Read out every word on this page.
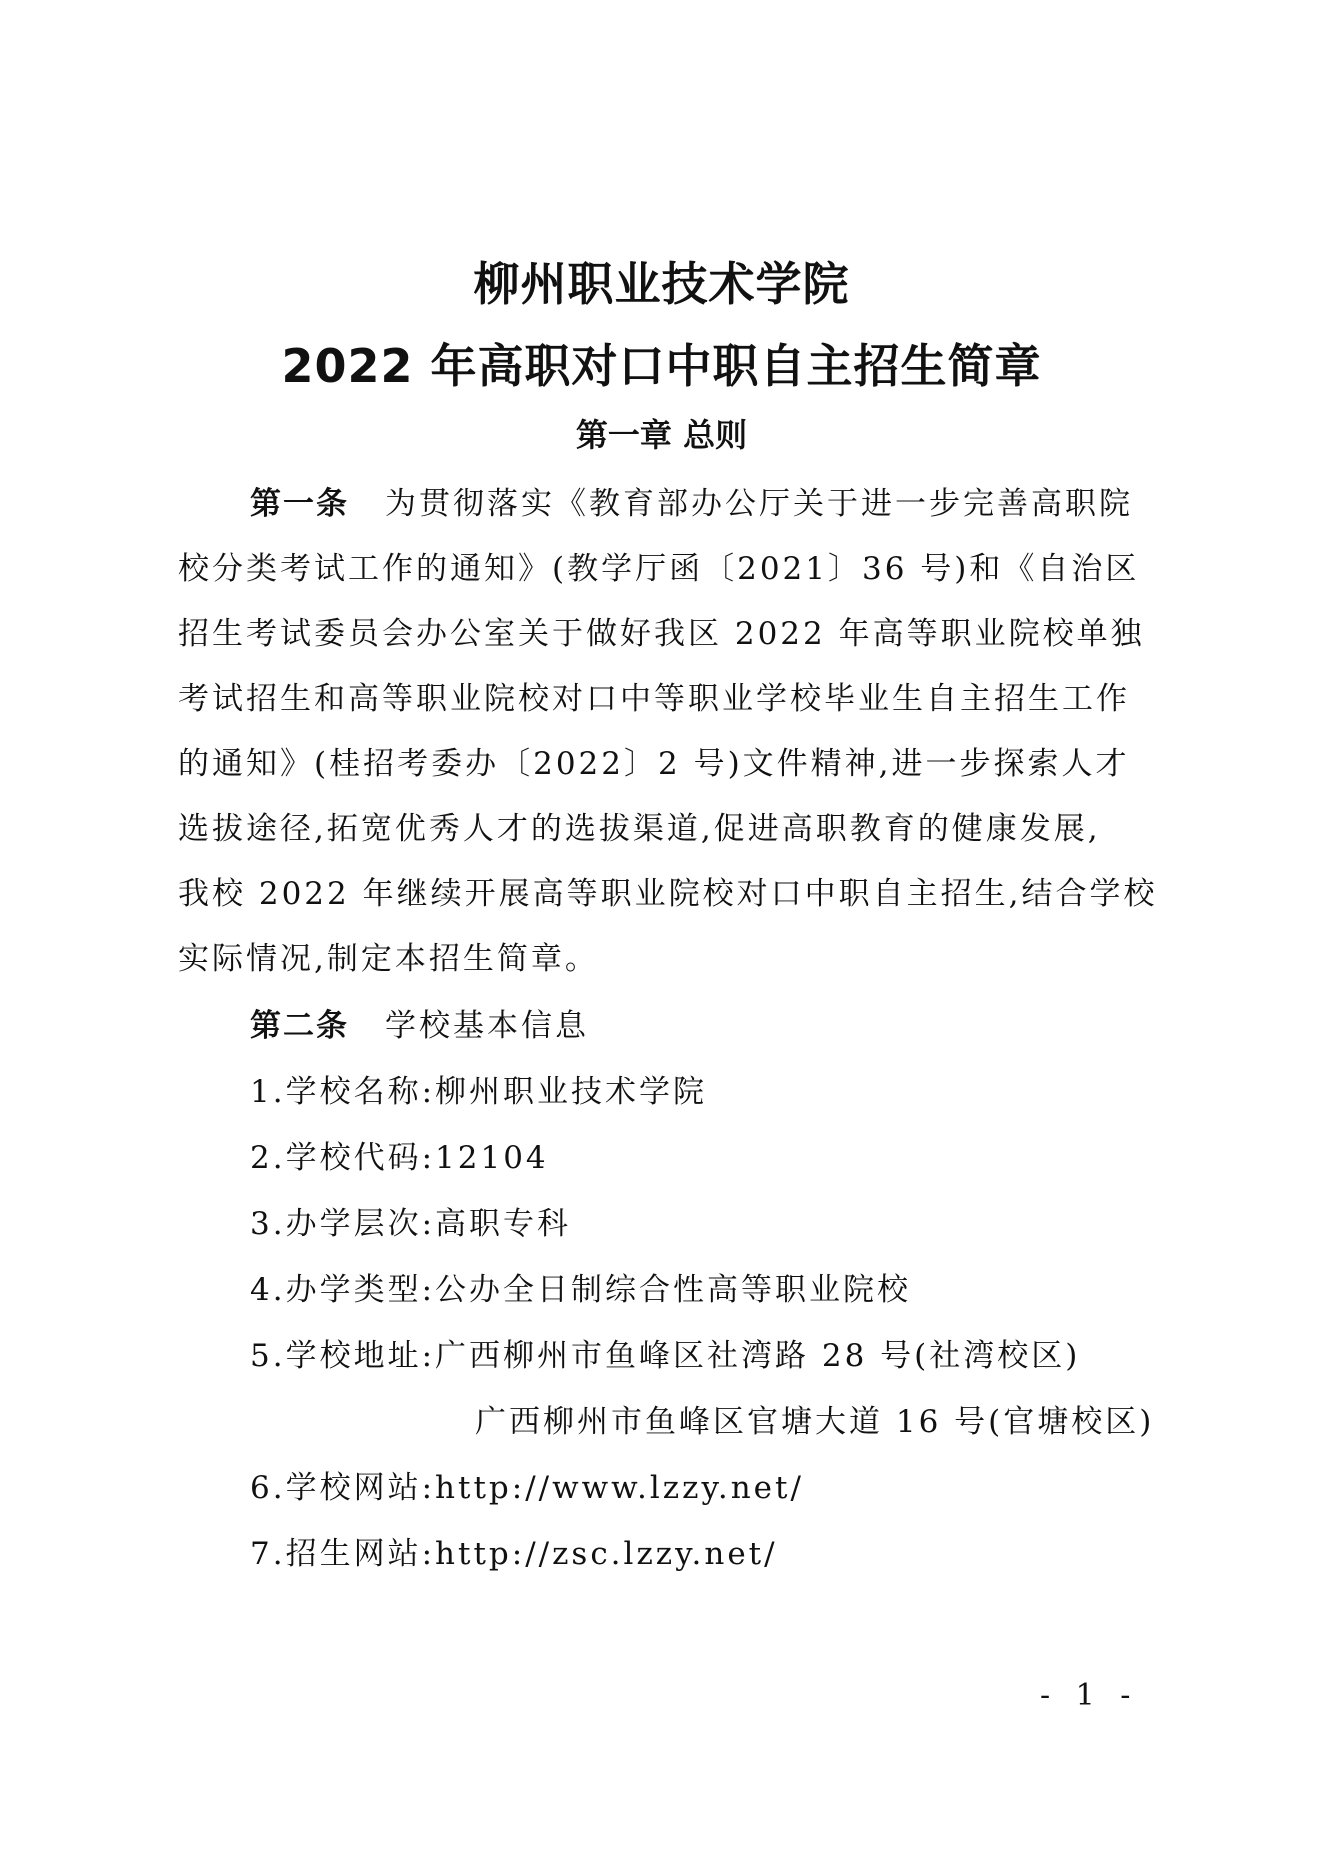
柳州职业技术学院
2022 年高职对口中职自主招生简章
第一章 总则
第一条 为贯彻落实《教育部办公厅关于进一步完善高职院
校分类考试工作的通知》(教学厅函〔2021〕36 号)和《自治区
招生考试委员会办公室关于做好我区 2022 年高等职业院校单独
考试招生和高等职业院校对口中等职业学校毕业生自主招生工作
的通知》(桂招考委办〔2022〕2 号)文件精神,进一步探索人才
选拔途径,拓宽优秀人才的选拔渠道,促进高职教育的健康发展,
我校 2022 年继续开展高等职业院校对口中职自主招生,结合学校
实际情况,制定本招生简章。
第二条 学校基本信息
1.学校名称:柳州职业技术学院
2.学校代码:12104
3.办学层次:高职专科
4.办学类型:公办全日制综合性高等职业院校
5.学校地址:广西柳州市鱼峰区社湾路 28 号(社湾校区)
广西柳州市鱼峰区官塘大道 16 号(官塘校区)
6.学校网站:http://www.lzzy.net/
7.招生网站:http://zsc.lzzy.net/
- 1 -
